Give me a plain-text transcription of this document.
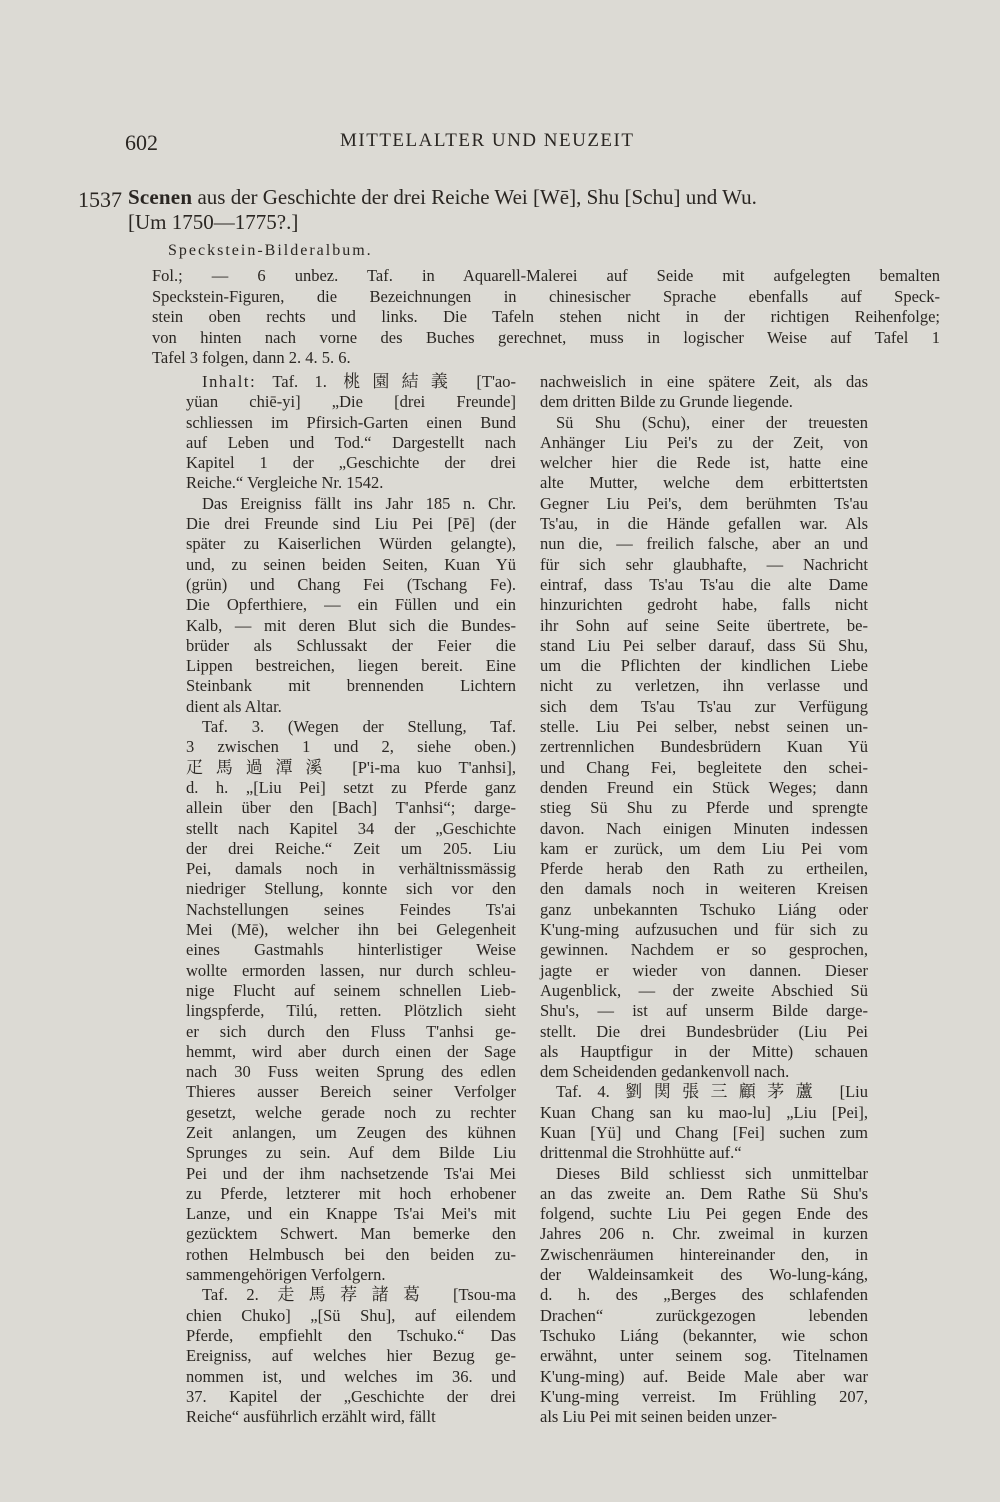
602	MITTELALTER UND NEUZEIT
1537 Scenen aus der Geschichte der drei Reiche Wei [Wē], Shu [Schu] und Wu.
[Um 1750—1775?.]
Speckstein-Bilderalbum.
Fol.; — 6 unbez. Taf. in Aquarell-Malerei auf Seide mit aufgelegten bemalten
Speckstein-Figuren, die Bezeichnungen in chinesischer Sprache ebenfalls auf Speck-
stein oben rechts und links. Die Tafeln stehen nicht in der richtigen Reihenfolge;
von hinten nach vorne des Buches gerechnet, muss in logischer Weise auf Tafel 1
Tafel 3 folgen, dann 2. 4. 5. 6.
Inhalt: Taf. 1. 桃園結義 [T'ao-
yüan chiē-yi] „Die [drei Freunde]
schliessen im Pfirsich-Garten einen Bund
auf Leben und Tod.“ Dargestellt nach
Kapitel 1 der „Geschichte der drei
Reiche.“ Vergleiche Nr. 1542.
Das Ereigniss fällt ins Jahr 185 n. Chr.
Die drei Freunde sind Liu Pei [Pē] (der
später zu Kaiserlichen Würden gelangte),
und, zu seinen beiden Seiten, Kuan Yü
(grün) und Chang Fei (Tschang Fe).
Die Opferthiere, — ein Füllen und ein
Kalb, — mit deren Blut sich die Bundes-
brüder als Schlussakt der Feier die
Lippen bestreichen, liegen bereit. Eine
Steinbank mit brennenden Lichtern
dient als Altar.
Taf. 3. (Wegen der Stellung, Taf.
3 zwischen 1 und 2, siehe oben.)
疋馬過潭溪 [P'i-ma kuo T'anhsi],
d. h. „[Liu Pei] setzt zu Pferde ganz
allein über den [Bach] T'anhsi“; darge-
stellt nach Kapitel 34 der „Geschichte
der drei Reiche.“ Zeit um 205. Liu
Pei, damals noch in verhältnissmässig
niedriger Stellung, konnte sich vor den
Nachstellungen seines Feindes Ts'ai
Mei (Mē), welcher ihn bei Gelegenheit
eines Gastmahls hinterlistiger Weise
wollte ermorden lassen, nur durch schleu-
nige Flucht auf seinem schnellen Lieb-
lingspferde, Tilú, retten. Plötzlich sieht
er sich durch den Fluss T'anhsi ge-
hemmt, wird aber durch einen der Sage
nach 30 Fuss weiten Sprung des edlen
Thieres ausser Bereich seiner Verfolger
gesetzt, welche gerade noch zu rechter
Zeit anlangen, um Zeugen des kühnen
Sprunges zu sein. Auf dem Bilde Liu
Pei und der ihm nachsetzende Ts'ai Mei
zu Pferde, letzterer mit hoch erhobener
Lanze, und ein Knappe Ts'ai Mei's mit
gezücktem Schwert. Man bemerke den
rothen Helmbusch bei den beiden zu-
sammengehörigen Verfolgern.
Taf. 2. 走馬荐諸葛 [Tsou-ma
chien Chuko] „[Sü Shu], auf eilendem
Pferde, empfiehlt den Tschuko.“ Das
Ereigniss, auf welches hier Bezug ge-
nommen ist, und welches im 36. und
37. Kapitel der „Geschichte der drei
Reiche“ ausführlich erzählt wird, fällt
nachweislich in eine spätere Zeit, als das
dem dritten Bilde zu Grunde liegende.
Sü Shu (Schu), einer der treuesten
Anhänger Liu Pei's zu der Zeit, von
welcher hier die Rede ist, hatte eine
alte Mutter, welche dem erbittertsten
Gegner Liu Pei's, dem berühmten Ts'au
Ts'au, in die Hände gefallen war. Als
nun die, — freilich falsche, aber an und
für sich sehr glaubhafte, — Nachricht
eintraf, dass Ts'au Ts'au die alte Dame
hinzurichten gedroht habe, falls nicht
ihr Sohn auf seine Seite übertrete, be-
stand Liu Pei selber darauf, dass Sü Shu,
um die Pflichten der kindlichen Liebe
nicht zu verletzen, ihn verlasse und
sich dem Ts'au Ts'au zur Verfügung
stelle. Liu Pei selber, nebst seinen un-
zertrennlichen Bundesbrüdern Kuan Yü
und Chang Fei, begleitete den schei-
denden Freund ein Stück Weges; dann
stieg Sü Shu zu Pferde und sprengte
davon. Nach einigen Minuten indessen
kam er zurück, um dem Liu Pei vom
Pferde herab den Rath zu ertheilen,
den damals noch in weiteren Kreisen
ganz unbekannten Tschuko Liáng oder
K'ung-ming aufzusuchen und für sich zu
gewinnen. Nachdem er so gesprochen,
jagte er wieder von dannen. Dieser
Augenblick, — der zweite Abschied Sü
Shu's, — ist auf unserm Bilde darge-
stellt. Die drei Bundesbrüder (Liu Pei
als Hauptfigur in der Mitte) schauen
dem Scheidenden gedankenvoll nach.
Taf. 4. 劉関張三顧茅蘆 [Liu
Kuan Chang san ku mao-lu] „Liu [Pei],
Kuan [Yü] und Chang [Fei] suchen zum
drittenmal die Strohhütte auf.“
Dieses Bild schliesst sich unmittelbar
an das zweite an. Dem Rathe Sü Shu's
folgend, suchte Liu Pei gegen Ende des
Jahres 206 n. Chr. zweimal in kurzen
Zwischenräumen hintereinander den, in
der Waldeinsamkeit des Wo-lung-káng,
d. h. des „Berges des schlafenden
Drachen“ zurückgezogen lebenden
Tschuko Liáng (bekannter, wie schon
erwähnt, unter seinem sog. Titelnamen
K'ung-ming) auf. Beide Male aber war
K'ung-ming verreist. Im Frühling 207,
als Liu Pei mit seinen beiden unzer-
